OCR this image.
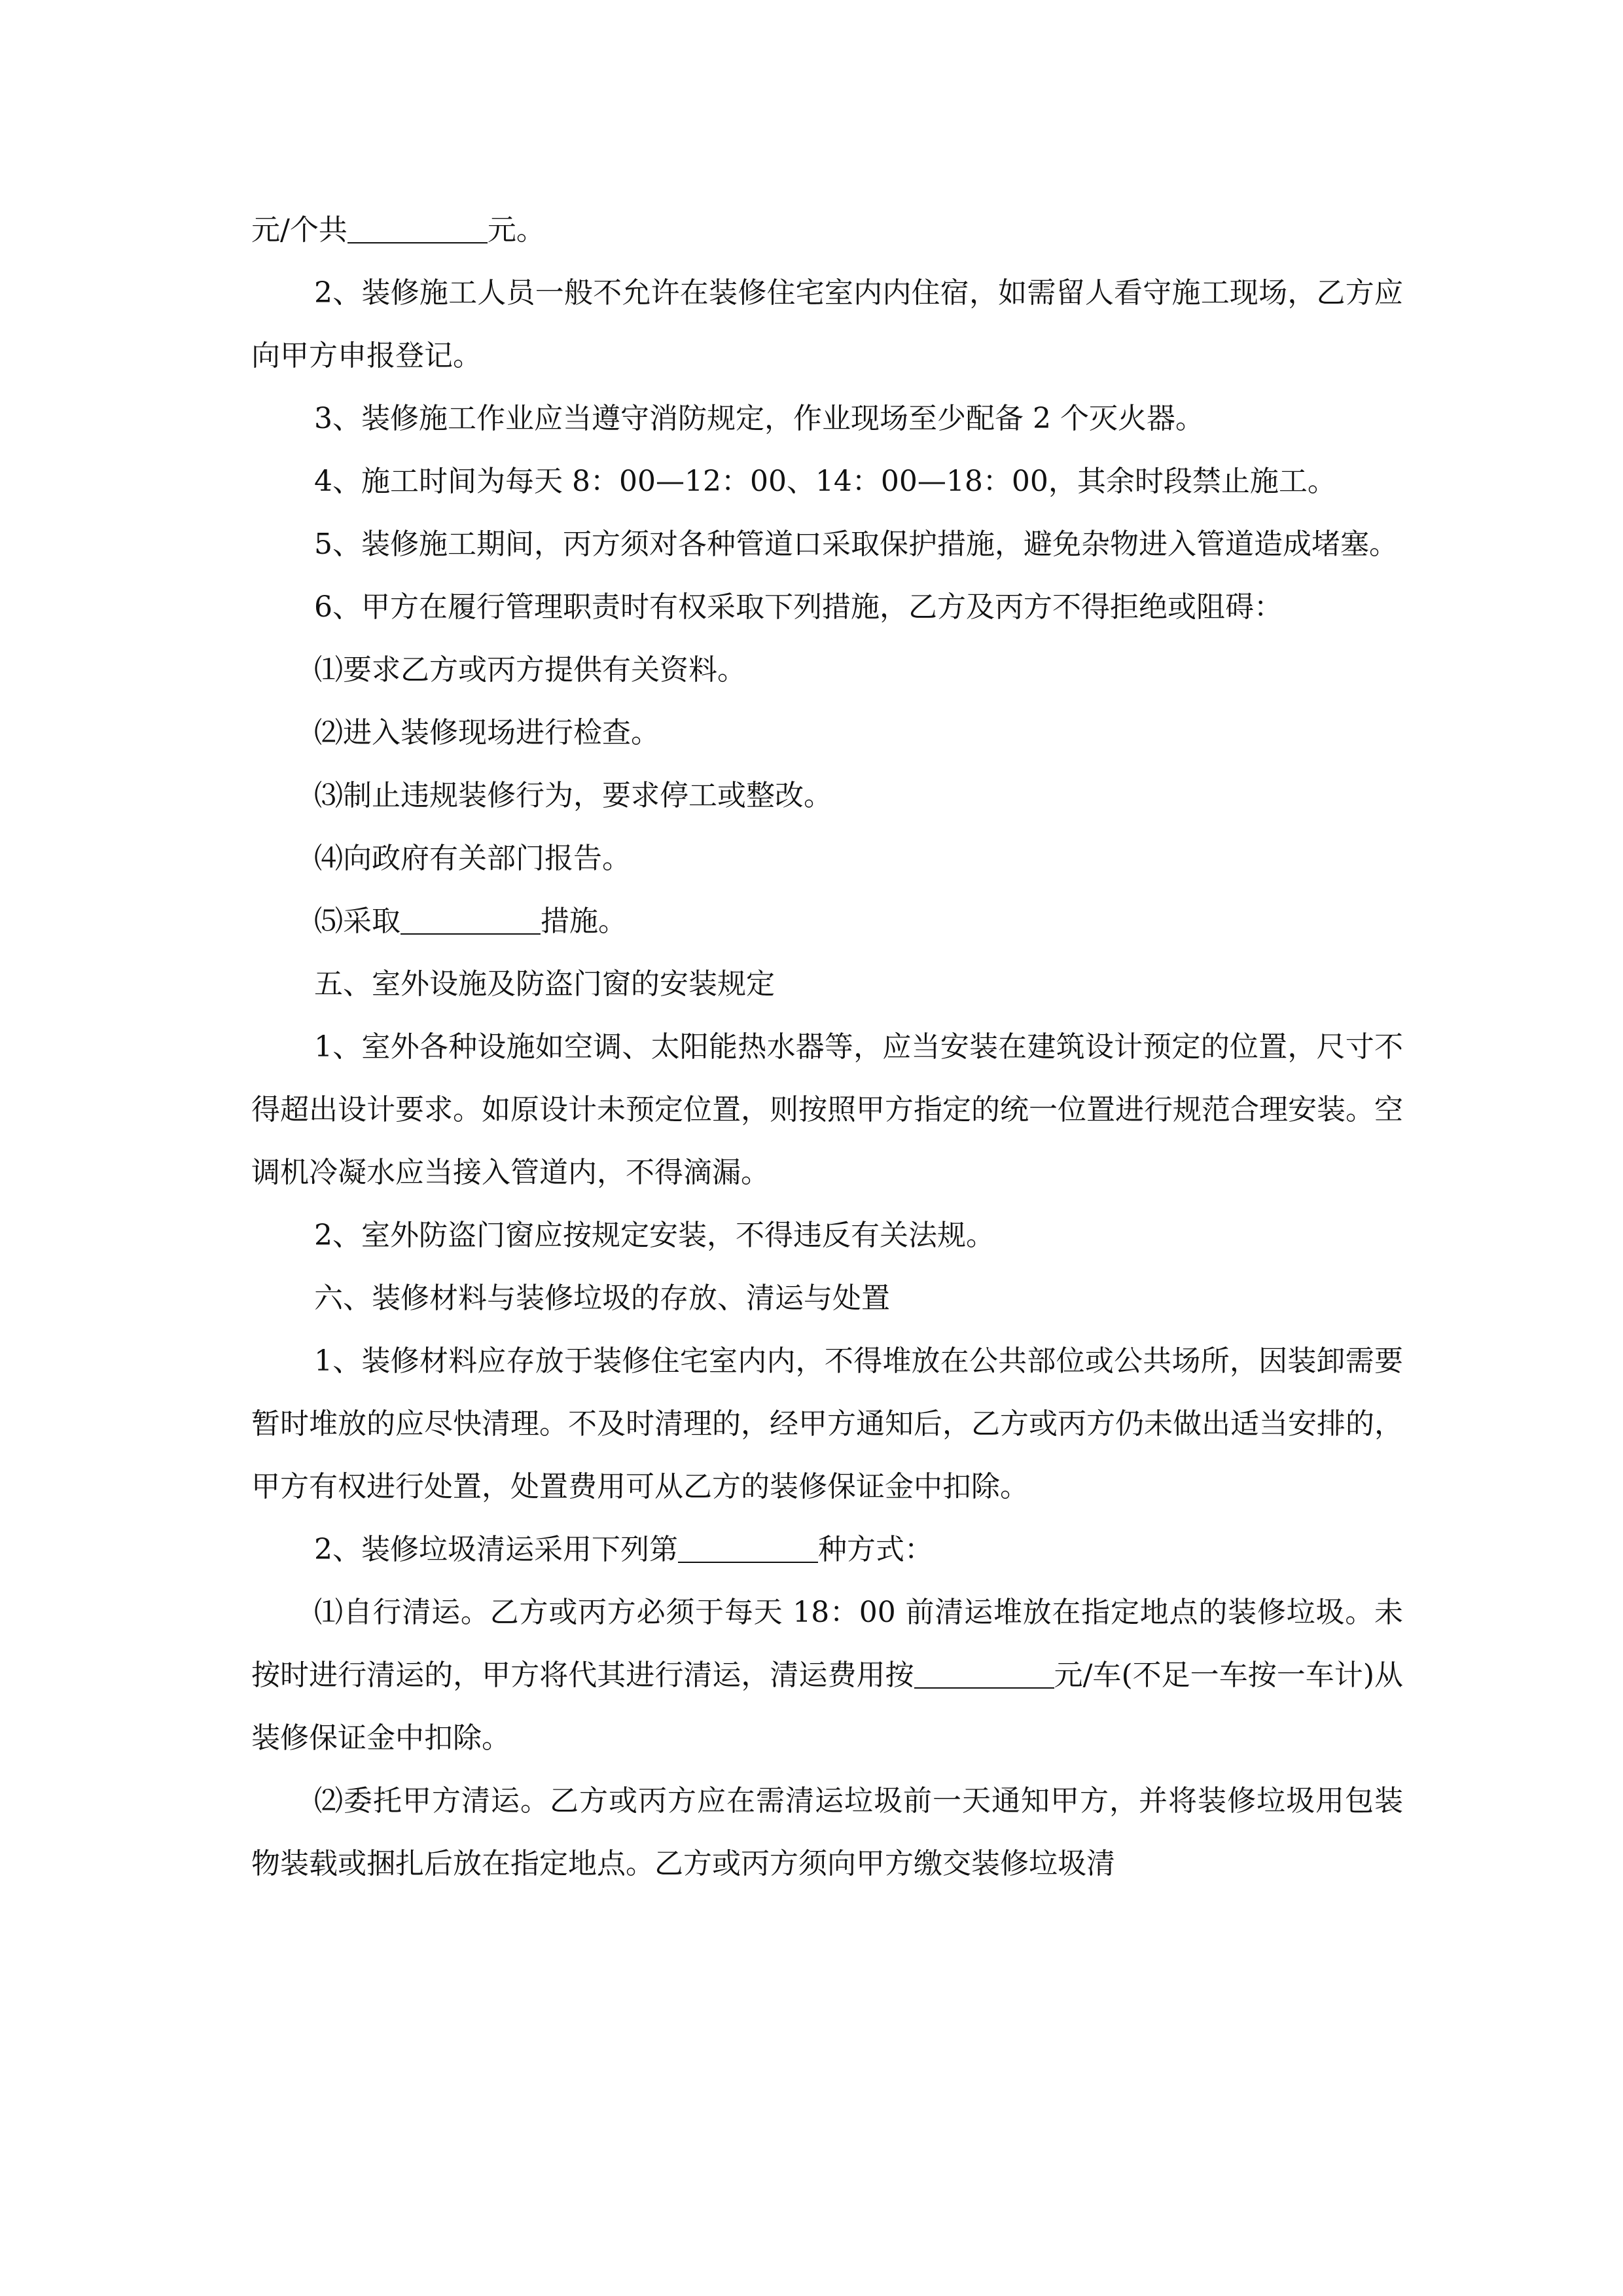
元/个共	元。

2、装修施工人员一般不允许在装修住宅室内内住宿，如需留人看守施工现场，乙方应向甲方申报登记。

3、装修施工作业应当遵守消防规定，作业现场至少配备 2 个灭火器。

4、施工时间为每天 8：00—12：00、14：00—18：00，其余时段禁止施工。

5、装修施工期间，丙方须对各种管道口采取保护措施，避免杂物进入管道造成堵塞。

6、甲方在履行管理职责时有权采取下列措施，乙方及丙方不得拒绝或阻碍：

⑴要求乙方或丙方提供有关资料。

⑵进入装修现场进行检查。

⑶制止违规装修行为，要求停工或整改。

⑷向政府有关部门报告。

⑸采取	措施。

五、室外设施及防盗门窗的安装规定

1、室外各种设施如空调、太阳能热水器等，应当安装在建筑设计预定的位置，尺寸不得超出设计要求。如原设计未预定位置，则按照甲方指定的统一位置进行规范合理安装。空调机冷凝水应当接入管道内，不得滴漏。

2、室外防盗门窗应按规定安装，不得违反有关法规。

六、装修材料与装修垃圾的存放、清运与处置

1、装修材料应存放于装修住宅室内内，不得堆放在公共部位或公共场所，因装卸需要暂时堆放的应尽快清理。不及时清理的，经甲方通知后，乙方或丙方仍未做出适当安排的，甲方有权进行处置，处置费用可从乙方的装修保证金中扣除。

2、装修垃圾清运采用下列第	种方式：

⑴自行清运。乙方或丙方必须于每天 18：00 前清运堆放在指定地点的装修垃圾。未按时进行清运的，甲方将代其进行清运，清运费用按	元/车(不足一车按一车计)从装修保证金中扣除。

⑵委托甲方清运。乙方或丙方应在需清运垃圾前一天通知甲方，并将装修垃圾用包装物装载或捆扎后放在指定地点。乙方或丙方须向甲方缴交装修垃圾清
